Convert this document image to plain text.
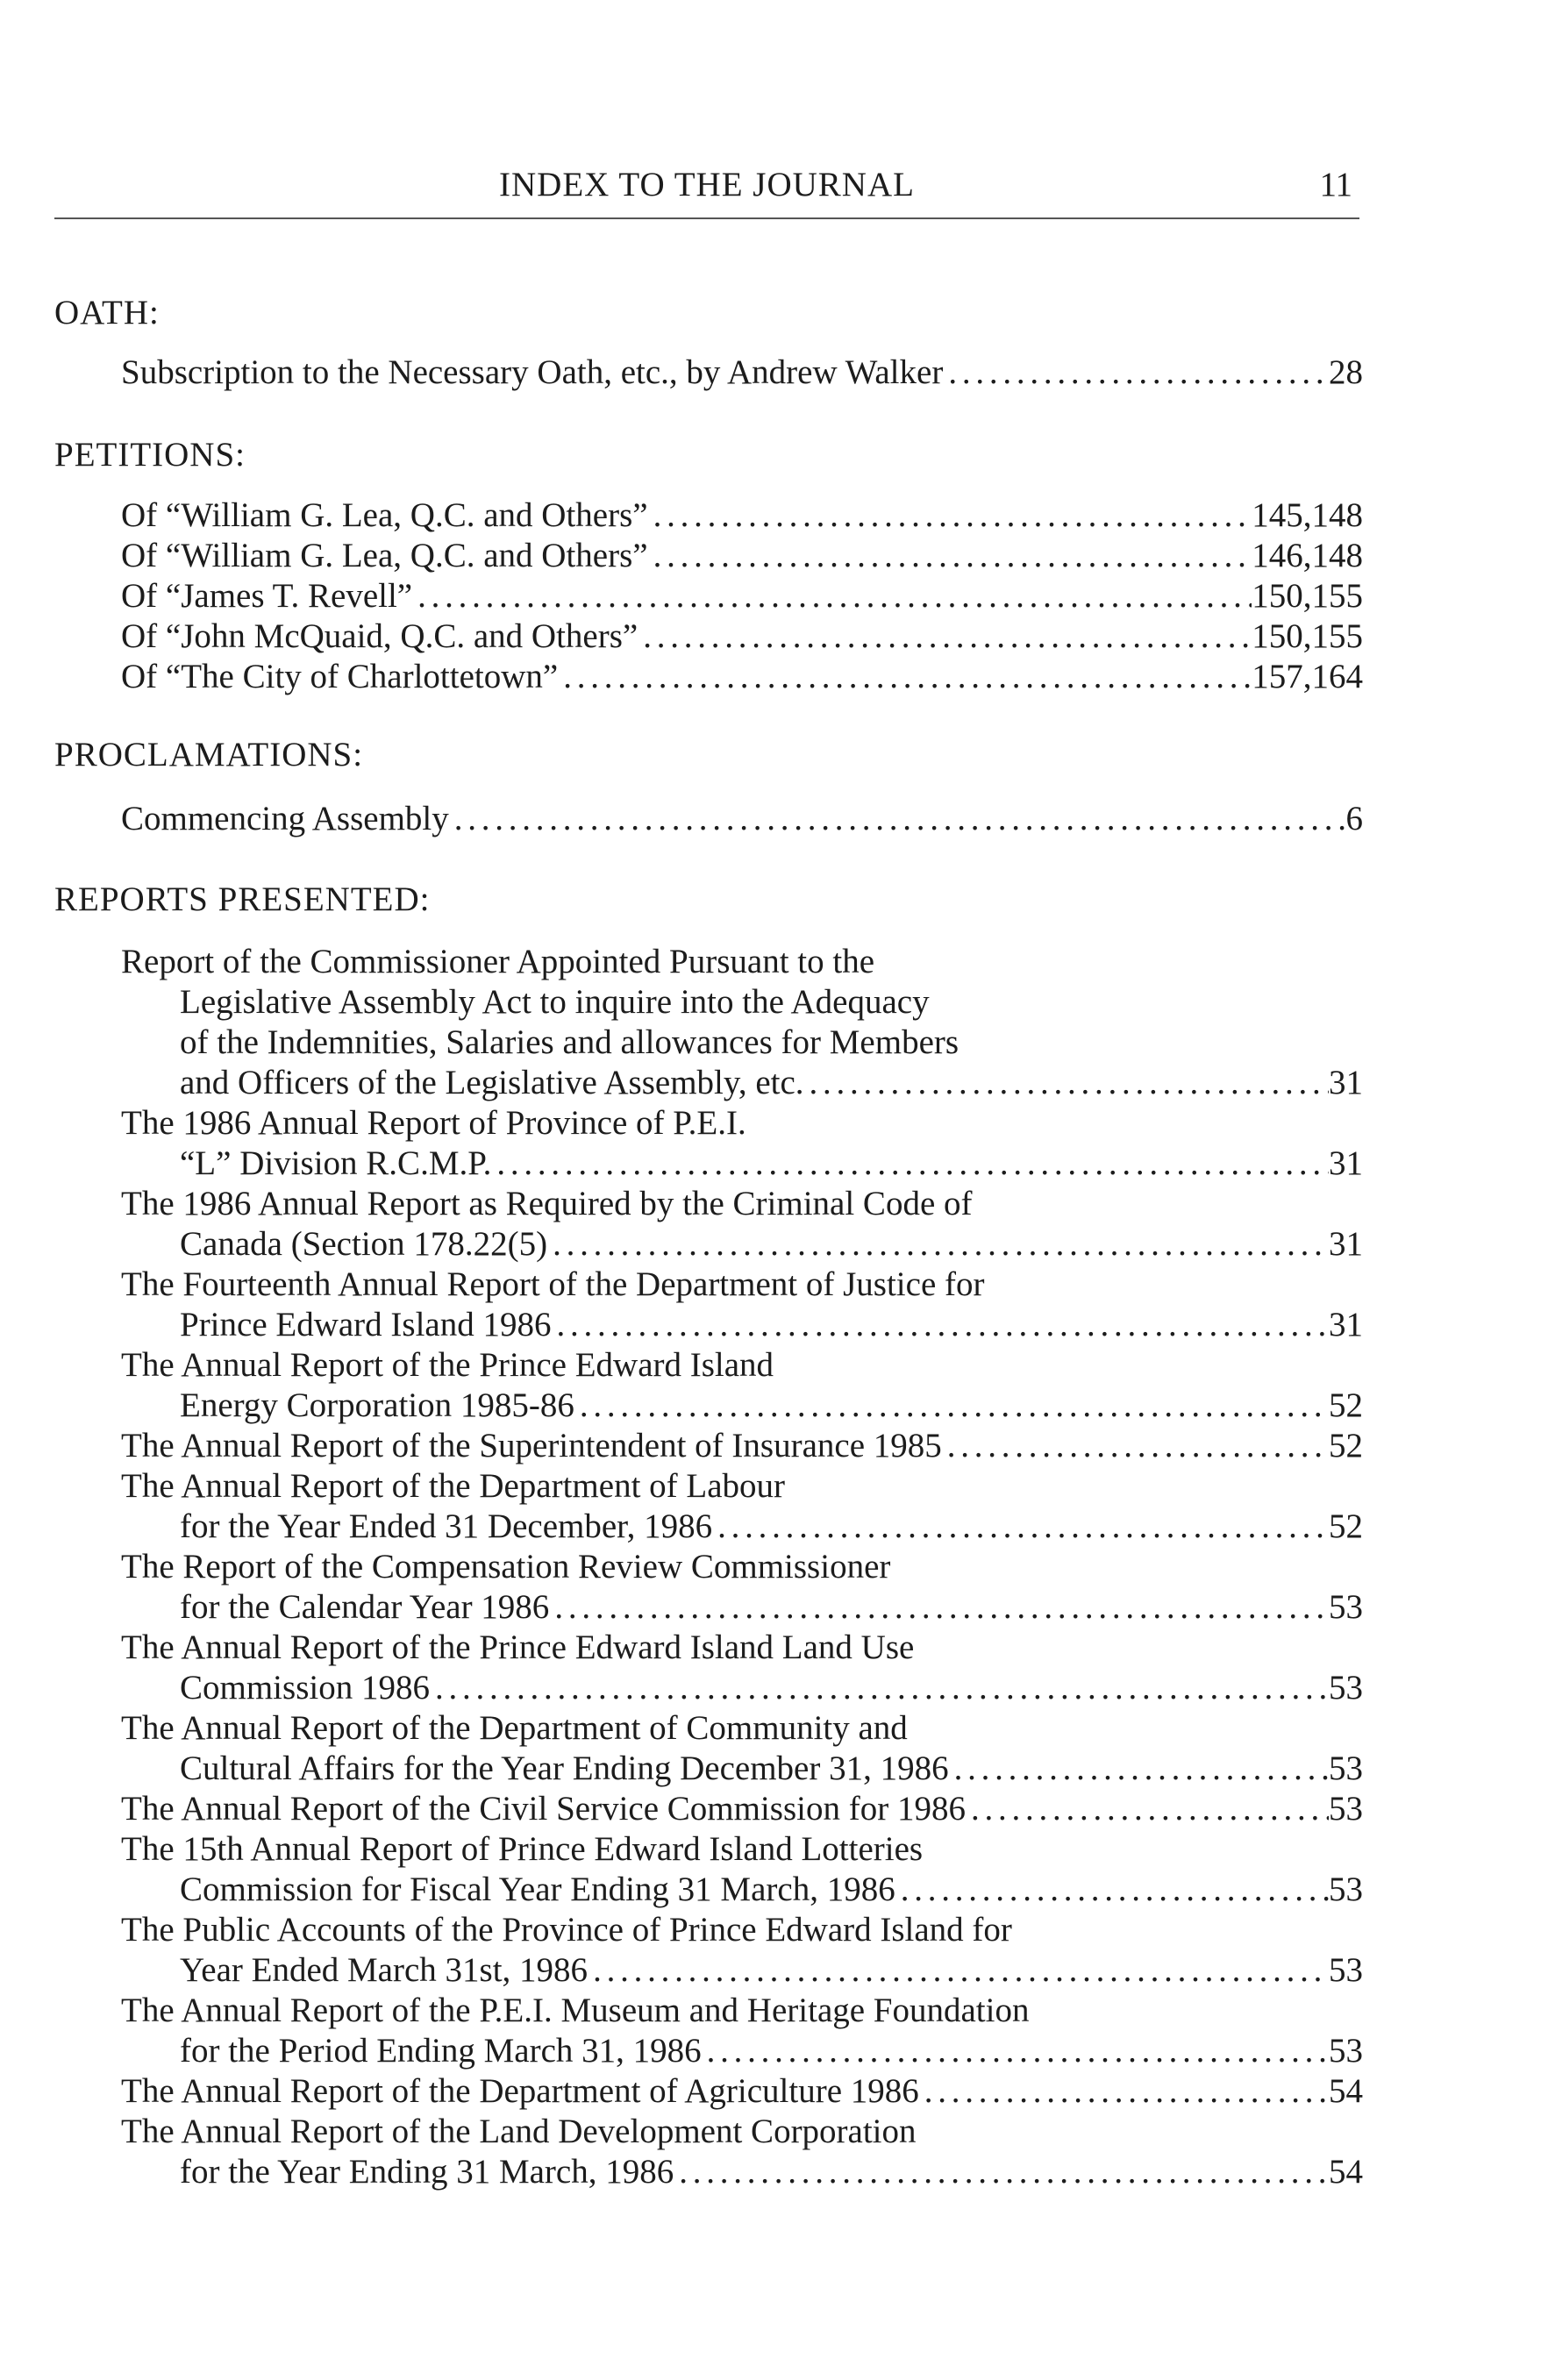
INDEX TO THE JOURNAL	11
OATH:
Subscription to the Necessary Oath, etc., by Andrew Walker . . .	28
PETITIONS:
Of “William G. Lea, Q.C. and Others” . . .	145,148
Of “William G. Lea, Q.C. and Others” . . .	146,148
Of “James T. Revell” . . .	150,155
Of “John McQuaid, Q.C. and Others” . . .	150,155
Of “The City of Charlottetown” . . .	157,164
PROCLAMATIONS:
Commencing Assembly . . .	6
REPORTS PRESENTED:
Report of the Commissioner Appointed Pursuant to the
Legislative Assembly Act to inquire into the Adequacy
of the Indemnities, Salaries and allowances for Members
and Officers of the Legislative Assembly, etc. . . .	31
The 1986 Annual Report of Province of P.E.I.
“L” Division R.C.M.P. . . .	31
The 1986 Annual Report as Required by the Criminal Code of
Canada (Section 178.22(5) . . .	31
The Fourteenth Annual Report of the Department of Justice for
Prince Edward Island 1986 . . .	31
The Annual Report of the Prince Edward Island
Energy Corporation 1985-86 . . .	52
The Annual Report of the Superintendent of Insurance 1985 . . .	52
The Annual Report of the Department of Labour
for the Year Ended 31 December, 1986 . . .	52
The Report of the Compensation Review Commissioner
for the Calendar Year 1986 . . .	53
The Annual Report of the Prince Edward Island Land Use
Commission 1986 . . .	53
The Annual Report of the Department of Community and
Cultural Affairs for the Year Ending December 31, 1986 . . .	53
The Annual Report of the Civil Service Commission for 1986 . . .	53
The 15th Annual Report of Prince Edward Island Lotteries
Commission for Fiscal Year Ending 31 March, 1986 . . .	53
The Public Accounts of the Province of Prince Edward Island for
Year Ended March 31st, 1986 . . .	53
The Annual Report of the P.E.I. Museum and Heritage Foundation
for the Period Ending March 31, 1986 . . .	53
The Annual Report of the Department of Agriculture 1986 . . .	54
The Annual Report of the Land Development Corporation
for the Year Ending 31 March, 1986 . . .	54
